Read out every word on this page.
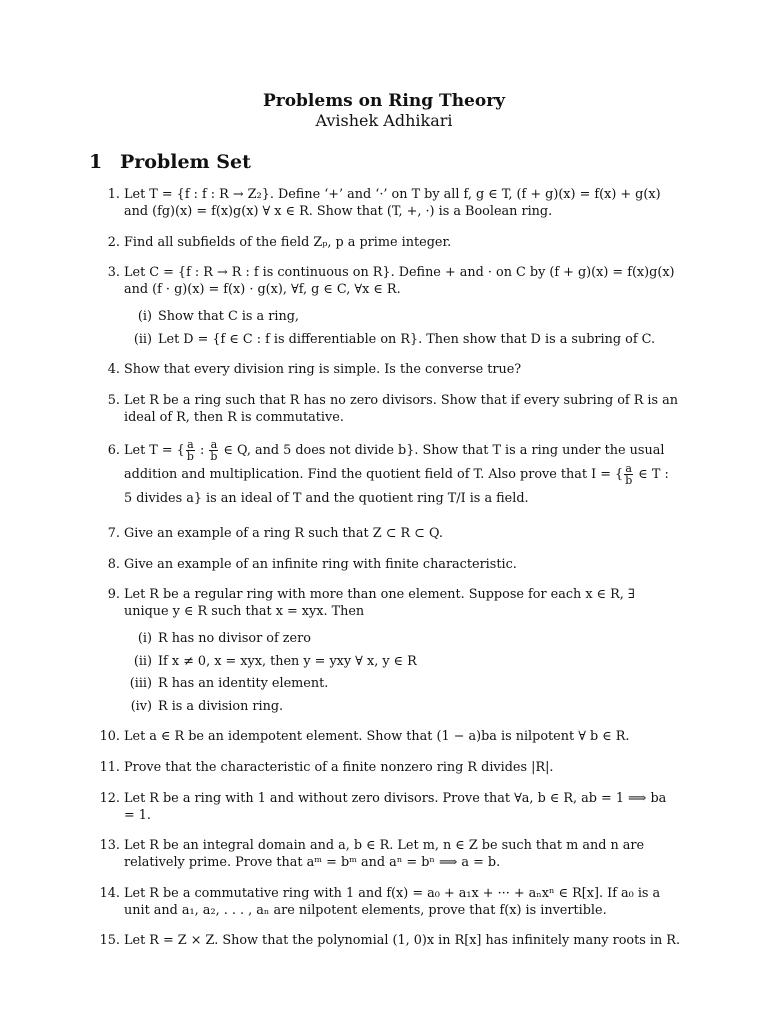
Problems on Ring Theory
Avishek Adhikari
1 Problem Set
1. Let T = {f : f : R → Z₂}. Define ‘+’ and ‘·’ on T by all f, g ∈ T, (f + g)(x) = f(x) + g(x) and (fg)(x) = f(x)g(x) ∀ x ∈ R. Show that (T, +, ·) is a Boolean ring.
2. Find all subfields of the field Zₚ, p a prime integer.
3. Let C = {f : R → R : f is continuous on R}. Define + and · on C by (f + g)(x) = f(x)g(x) and (f · g)(x) = f(x) · g(x), ∀f, g ∈ C, ∀x ∈ R.
(i) Show that C is a ring,
(ii) Let D = {f ∈ C : f is differentiable on R}. Then show that D is a subring of C.
4. Show that every division ring is simple. Is the converse true?
5. Let R be a ring such that R has no zero divisors. Show that if every subring of R is an ideal of R, then R is commutative.
6. Let T = { $\frac{a}{b}$ : $\frac{a}{b}$ ∈ Q, and 5 does not divide b}. Show that T is a ring under the usual addition and multiplication. Find the quotient field of T. Also prove that I = { $\frac{a}{b}$ ∈ T : 5 divides a} is an ideal of T and the quotient ring T/I is a field.
7. Give an example of a ring R such that Z ⊂ R ⊂ Q.
8. Give an example of an infinite ring with finite characteristic.
9. Let R be a regular ring with more than one element. Suppose for each x ∈ R, ∃ unique y ∈ R such that x = xyx. Then
(i) R has no divisor of zero
(ii) If x ≠ 0, x = xyx, then y = yxy ∀ x, y ∈ R
(iii) R has an identity element.
(iv) R is a division ring.
10. Let a ∈ R be an idempotent element. Show that (1 − a)ba is nilpotent ∀ b ∈ R.
11. Prove that the characteristic of a finite nonzero ring R divides |R|.
12. Let R be a ring with 1 and without zero divisors. Prove that ∀a, b ∈ R, ab = 1 ⟹ ba = 1.
13. Let R be an integral domain and a, b ∈ R. Let m, n ∈ Z be such that m and n are relatively prime. Prove that aᵐ = bᵐ and aⁿ = bⁿ ⟹ a = b.
14. Let R be a commutative ring with 1 and f(x) = a₀ + a₁x + ··· + aₙxⁿ ∈ R[x]. If a₀ is a unit and a₁, a₂, . . . , aₙ are nilpotent elements, prove that f(x) is invertible.
15. Let R = Z × Z. Show that the polynomial (1, 0)x in R[x] has infinitely many roots in R.
